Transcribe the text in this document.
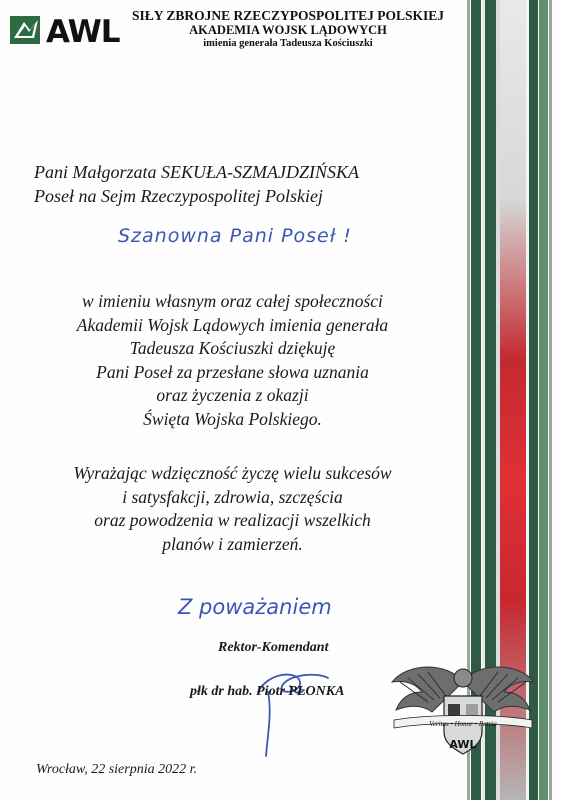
AWL SIŁY ZBROJNE RZECZYPOSPOLITEJ POLSKIEJ
AKADEMIA WOJSK LĄDOWYCH
imienia generała Tadeusza Kościuszki
Pani Małgorzata SEKUŁA-SZMAJDZIŃSKA
Poseł na Sejm Rzeczypospolitej Polskiej
Szanowna Pani Poseł !
w imieniu własnym oraz całej społeczności
Akademii Wojsk Lądowych imienia generała
Tadeusza Kościuszki dziękuję
Pani Poseł za przesłane słowa uznania
oraz życzenia z okazji
Święta Wojska Polskiego.
Wyrażając wdzięczność życzę wielu sukcesów
i satysfakcji, zdrowia, szczęścia
oraz powodzenia w realizacji wszelkich
planów i zamierzeń.
Z poważaniem
Rektor-Komendant
płk dr hab. Piotr PŁONKA
Veritas • Honor • Patria
AWL
Wrocław, 22 sierpnia 2022 r.
